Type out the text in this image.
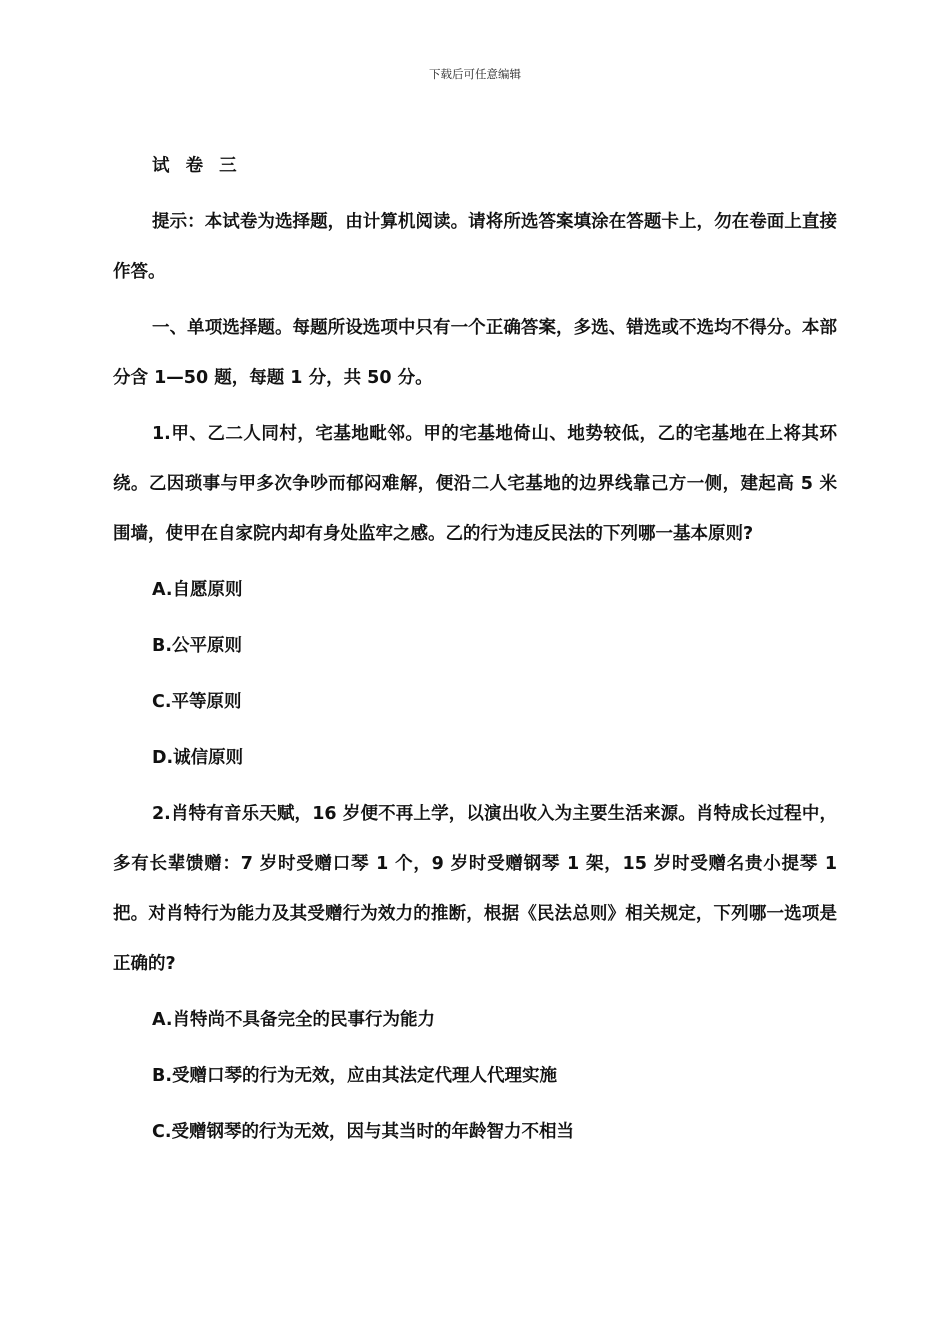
下载后可任意编辑

试 卷 三

提示：本试卷为选择题，由计算机阅读。请将所选答案填涂在答题卡上，勿在卷面上直接作答。

一、单项选择题。每题所设选项中只有一个正确答案，多选、错选或不选均不得分。本部分含 1—50 题，每题 1 分，共 50 分。

1.甲、乙二人同村，宅基地毗邻。甲的宅基地倚山、地势较低，乙的宅基地在上将其环绕。乙因琐事与甲多次争吵而郁闷难解，便沿二人宅基地的边界线靠己方一侧，建起高 5 米围墙，使甲在自家院内却有身处监牢之感。乙的行为违反民法的下列哪一基本原则?

A.自愿原则

B.公平原则

C.平等原则

D.诚信原则

2.肖特有音乐天赋，16 岁便不再上学，以演出收入为主要生活来源。肖特成长过程中，多有长辈馈赠：7 岁时受赠口琴 1 个，9 岁时受赠钢琴 1 架，15 岁时受赠名贵小提琴 1 把。对肖特行为能力及其受赠行为效力的推断，根据《民法总则》相关规定，下列哪一选项是正确的?

A.肖特尚不具备完全的民事行为能力

B.受赠口琴的行为无效，应由其法定代理人代理实施

C.受赠钢琴的行为无效，因与其当时的年龄智力不相当
